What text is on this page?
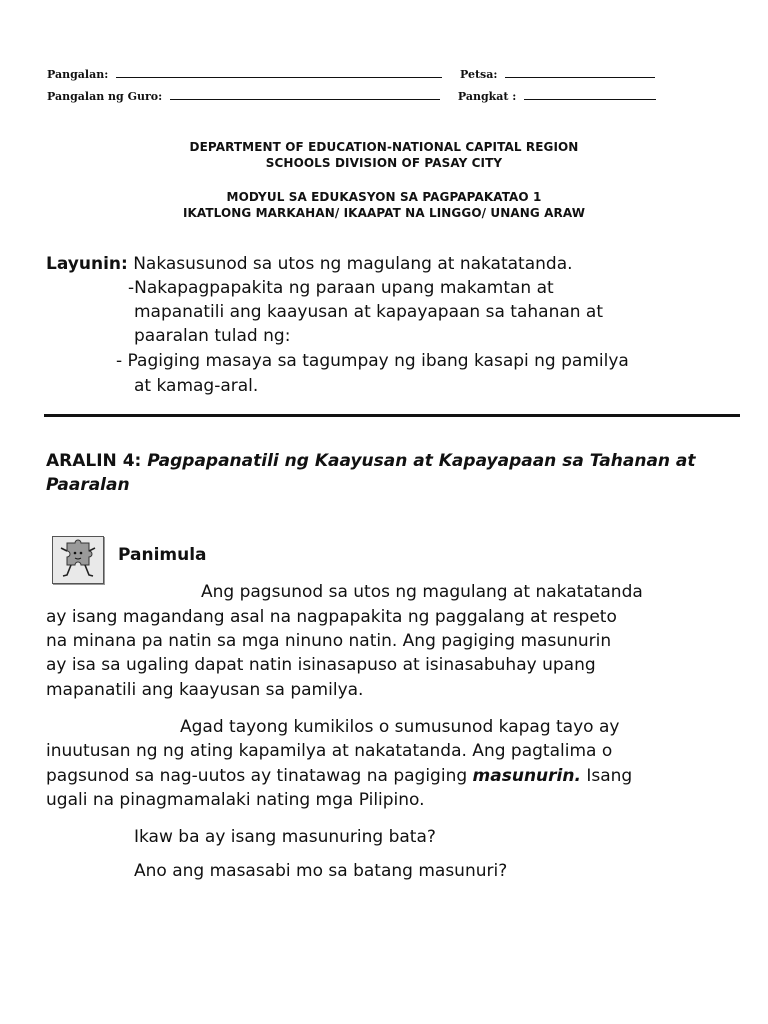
Pangalan:	Petsa:
Pangalan ng Guro:	Pangkat :
DEPARTMENT OF EDUCATION-NATIONAL CAPITAL REGION
SCHOOLS DIVISION OF PASAY CITY
MODYUL SA EDUKASYON SA PAGPAPAKATAO 1
IKATLONG MARKAHAN/ IKAAPAT NA LINGGO/ UNANG ARAW
Layunin: Nakasusunod sa utos ng magulang at nakatatanda.
-Nakapagpapakita ng paraan upang makamtan at
mapanatili ang kaayusan at kapayapaan sa tahanan at
paaralan tulad ng:
- Pagiging masaya sa tagumpay ng ibang kasapi ng pamilya
at kamag-aral.
ARALIN 4: Pagpapanatili ng Kaayusan at Kapayapaan sa Tahanan at
Paaralan
Panimula
Ang pagsunod sa utos ng magulang at nakatatanda
ay isang magandang asal na nagpapakita ng paggalang at respeto
na minana pa natin sa mga ninuno natin. Ang pagiging masunurin
ay isa sa ugaling dapat natin isinasapuso at isinasabuhay upang
mapanatili ang kaayusan sa pamilya.
Agad tayong kumikilos o sumusunod kapag tayo ay
inuutusan ng ng ating kapamilya at nakatatanda. Ang pagtalima o
pagsunod sa nag-uutos ay tinatawag na pagiging masunurin. Isang
ugali na pinagmamalaki nating mga Pilipino.
Ikaw ba ay isang masunuring bata?
Ano ang masasabi mo sa batang masunuri?
